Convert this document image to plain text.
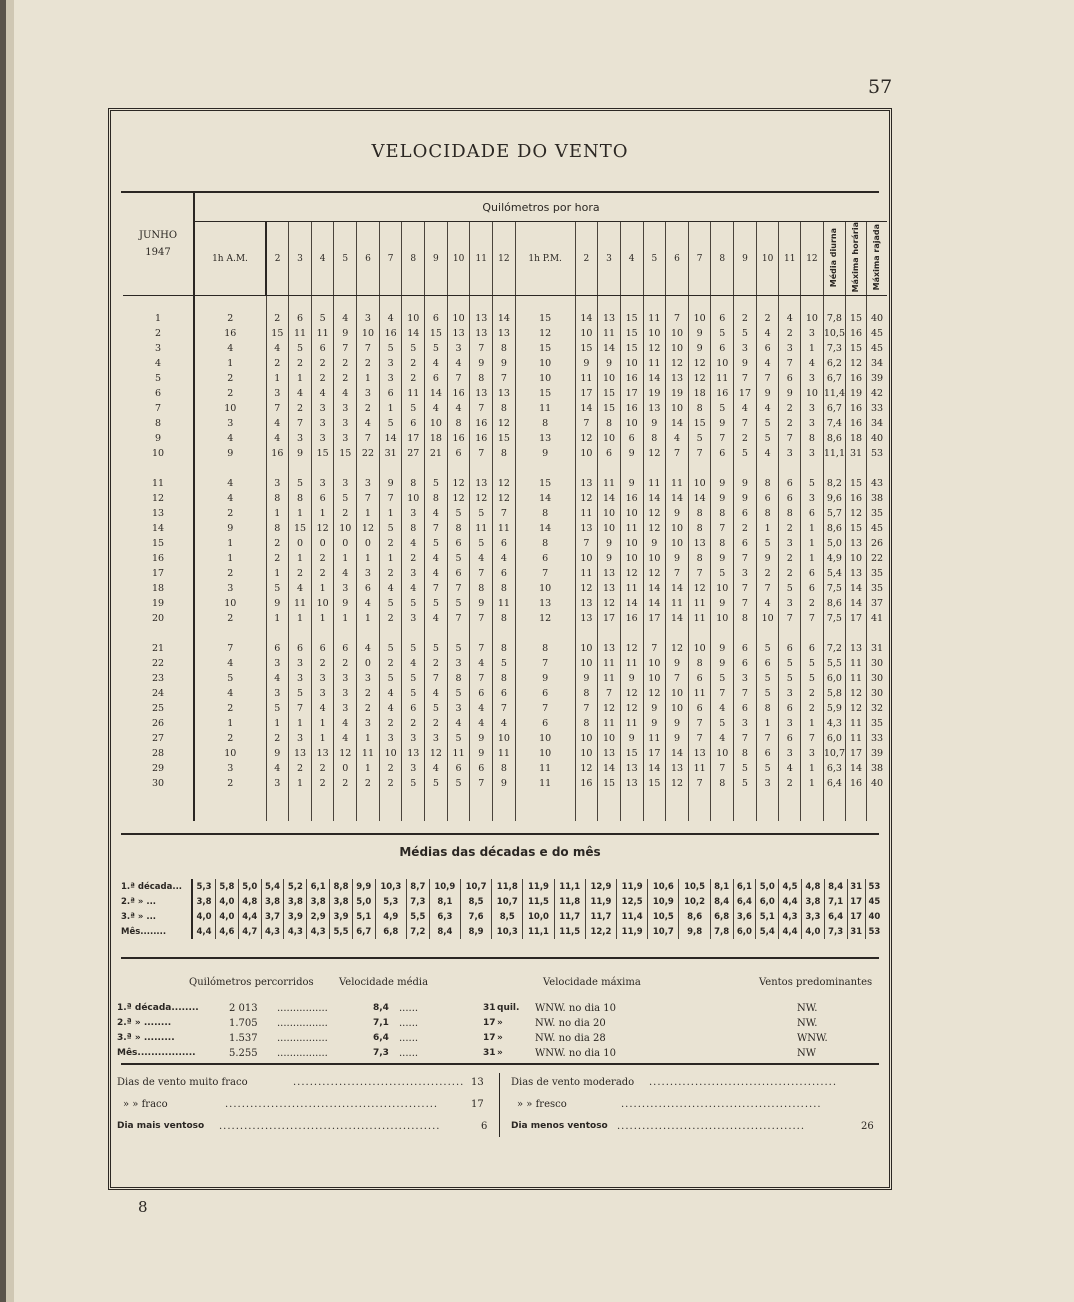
57
8
VELOCIDADE DO VENTO
JUNHO
1947	Quilómetros por hora																										
	1h A.M.	2	3	4	5	6	7	8	9	10	11	12	1h P.M.	2	3	4	5	6	7	8	9	10	11	12	Média diurna	Máxima horária	Máxima rajada

1	2	2	6	5	4	3	4	10	6	10	13	14	15	14	13	15	11	7	10	6	2	2	4	10	7,8	15	40
2	16	15	11	11	9	10	16	14	15	13	13	13	12	10	11	15	10	10	9	5	5	4	2	3	10,5	16	45
3	4	4	5	6	7	7	5	5	5	3	7	8	15	15	14	15	12	10	9	6	3	6	3	1	7,3	15	45
4	1	2	2	2	2	2	3	2	4	4	9	9	10	9	9	10	11	12	12	10	9	4	7	4	6,2	12	34
5	2	1	1	2	2	1	3	2	6	7	8	7	10	11	10	16	14	13	12	11	7	7	6	3	6,7	16	39
6	2	3	4	4	4	3	6	11	14	16	13	13	15	17	15	17	19	19	18	16	17	9	9	10	11,4	19	42
7	10	7	2	3	3	2	1	5	4	4	7	8	11	14	15	16	13	10	8	5	4	4	2	3	6,7	16	33
8	3	4	7	3	3	4	5	6	10	8	16	12	8	7	8	10	9	14	15	9	7	5	2	3	7,4	16	34
9	4	4	3	3	3	7	14	17	18	16	16	15	13	12	10	6	8	4	5	7	2	5	7	8	8,6	18	40
10	9	16	9	15	15	22	31	27	21	6	7	8	9	10	6	9	12	7	7	6	5	4	3	3	11,1	31	53

11	4	3	5	3	3	3	9	8	5	12	13	12	15	13	11	9	11	11	10	9	9	8	6	5	8,2	15	43
12	4	8	8	6	5	7	7	10	8	12	12	12	14	12	14	16	14	14	14	9	9	6	6	3	9,6	16	38
13	2	1	1	1	2	1	1	3	4	5	5	7	8	11	10	10	12	9	8	8	6	8	8	6	5,7	12	35
14	9	8	15	12	10	12	5	8	7	8	11	11	14	13	10	11	12	10	8	7	2	1	2	1	8,6	15	45
15	1	2	0	0	0	0	2	4	5	6	5	6	8	7	9	10	9	10	13	8	6	5	3	1	5,0	13	26
16	1	2	1	2	1	1	1	2	4	5	4	4	6	10	9	10	10	9	8	9	7	9	2	1	4,9	10	22
17	2	1	2	2	4	3	2	3	4	6	7	6	7	11	13	12	12	7	7	5	3	2	2	6	5,4	13	35
18	3	5	4	1	3	6	4	4	7	7	8	8	10	12	13	11	14	14	12	10	7	7	5	6	7,5	14	35
19	10	9	11	10	9	4	5	5	5	5	9	11	13	13	12	14	14	11	11	9	7	4	3	2	8,6	14	37
20	2	1	1	1	1	1	2	3	4	7	7	8	12	13	17	16	17	14	11	10	8	10	7	7	7,5	17	41

21	7	6	6	6	6	4	5	5	5	5	7	8	8	10	13	12	7	12	10	9	6	5	6	6	7,2	13	31
22	4	3	3	2	2	0	2	4	2	3	4	5	7	10	11	11	10	9	8	9	6	6	5	5	5,5	11	30
23	5	4	3	3	3	3	5	5	7	8	7	8	9	9	11	9	10	7	6	5	3	5	5	5	6,0	11	30
24	4	3	5	3	3	2	4	5	4	5	6	6	6	8	7	12	12	10	11	7	7	5	3	2	5,8	12	30
25	2	5	7	4	3	2	4	6	5	3	4	7	7	7	12	12	9	10	6	4	6	8	6	2	5,9	12	32
26	1	1	1	1	4	3	2	2	2	4	4	4	6	8	11	11	9	9	7	5	3	1	3	1	4,3	11	35
27	2	2	3	1	4	1	3	3	3	5	9	10	10	10	10	9	11	9	7	4	7	7	6	7	6,0	11	33
28	10	9	13	13	12	11	10	13	12	11	9	11	10	10	13	15	17	14	13	10	8	6	3	3	10,7	17	39
29	3	4	2	2	0	1	2	3	4	6	6	8	11	12	14	13	14	13	11	7	5	5	4	1	6,3	14	38
30	2	3	1	2	2	2	2	5	5	5	7	9	11	16	15	13	15	12	7	8	5	3	2	1	6,4	16	40

Médias das décadas e do mês
1.ª década...	5,3	5,8	5,0	5,4	5,2	6,1	8,8	9,9	10,3	8,7	10,9	10,7	11,8	11,9	11,1	12,9	11,9	10,6	10,5	8,1	6,1	5,0	4,5	4,8	8,4	31	53
2.ª » ...	3,8	4,0	4,8	3,8	3,8	3,8	3,8	5,0	5,3	7,3	8,1	8,5	10,7	11,5	11,8	11,9	12,5	10,9	10,2	8,4	6,4	6,0	4,4	3,8	7,1	17	45
3.ª » ...	4,0	4,0	4,4	3,7	3,9	2,9	3,9	5,1	4,9	5,5	6,3	7,6	8,5	10,0	11,7	11,7	11,4	10,5	8,6	6,8	3,6	5,1	4,3	3,3	6,4	17	40
Mês........	4,4	4,6	4,7	4,3	4,3	4,3	5,5	6,7	6,8	7,2	8,4	8,9	10,3	11,1	11,5	12,2	11,9	10,7	9,8	7,8	6,0	5,4	4,4	4,0	7,3	31	53
Quilómetros percorridos	Velocidade média	Velocidade máxima	Ventos predominantes
1.ª década........	2 013	8,4	31 quil. WNW. no dia 10	NW.
................	......
2.ª » ........	1.705	7,1	17 »	NW. no dia 20	NW.
................	......
3.ª » .........	1.537	6,4	17 »	NW. no dia 28	WNW.
................	......
Mês.................	5.255	7,3	31 »	WNW. no dia 10	NW
................	......
Dias de vento muito fraco	......................................... 13
» » fraco	...................................................	17
Dia mais ventoso .....................................................	6
Dias de vento moderado .............................................
» » fresco	................................................
Dia menos ventoso .............................................	26
